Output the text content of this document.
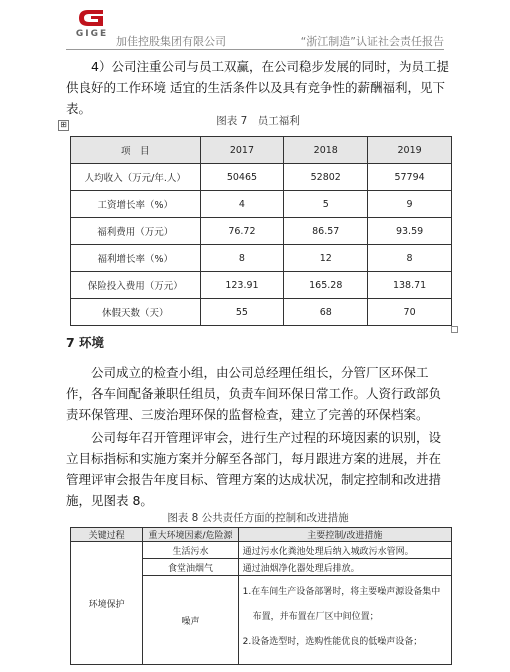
GIGE
加佳控股集团有限公司	“浙江制造”认证社会责任报告
4）公司注重公司与员工双赢，在公司稳步发展的同时，为员工提供良好的工作环境 适宜的生活条件以及具有竞争性的薪酬福利，见下表。
图表 7　员工福利
⊞
项　目	2017	2018	2019
人均收入（万元/年.人）	50465	52802	57794
工资增长率（%）	4	5	9
福利费用（万元）	76.72	86.57	93.59
福利增长率（%）	8	12	8
保险投入费用（万元）	123.91	165.28	138.71
休假天数（天）	55	68	70
7 环境
公司成立的检查小组，由公司总经理任组长，分管厂区环保工作，各车间配备兼职任组员，负责车间环保日常工作。人资行政部负责环保管理、三废治理环保的监督检查，建立了完善的环保档案。
公司每年召开管理评审会，进行生产过程的环境因素的识别，设立目标指标和实施方案并分解至各部门，每月跟进方案的进展，并在管理评审会报告年度目标、管理方案的达成状况，制定控制和改进措施，见图表 8。
图表 8 公共责任方面的控制和改进措施
关键过程	重大环境因素/危险源	主要控制/改进措施
环境保护	生活污水	通过污水化粪池处理后纳入城政污水管网。
	食堂油烟气	通过油烟净化器处理后排放。
	噪声	1.在车间生产设备部署时，将主要噪声源设备集中
布置，并布置在厂区中间位置；
2.设备选型时，选购性能优良的低噪声设备；
